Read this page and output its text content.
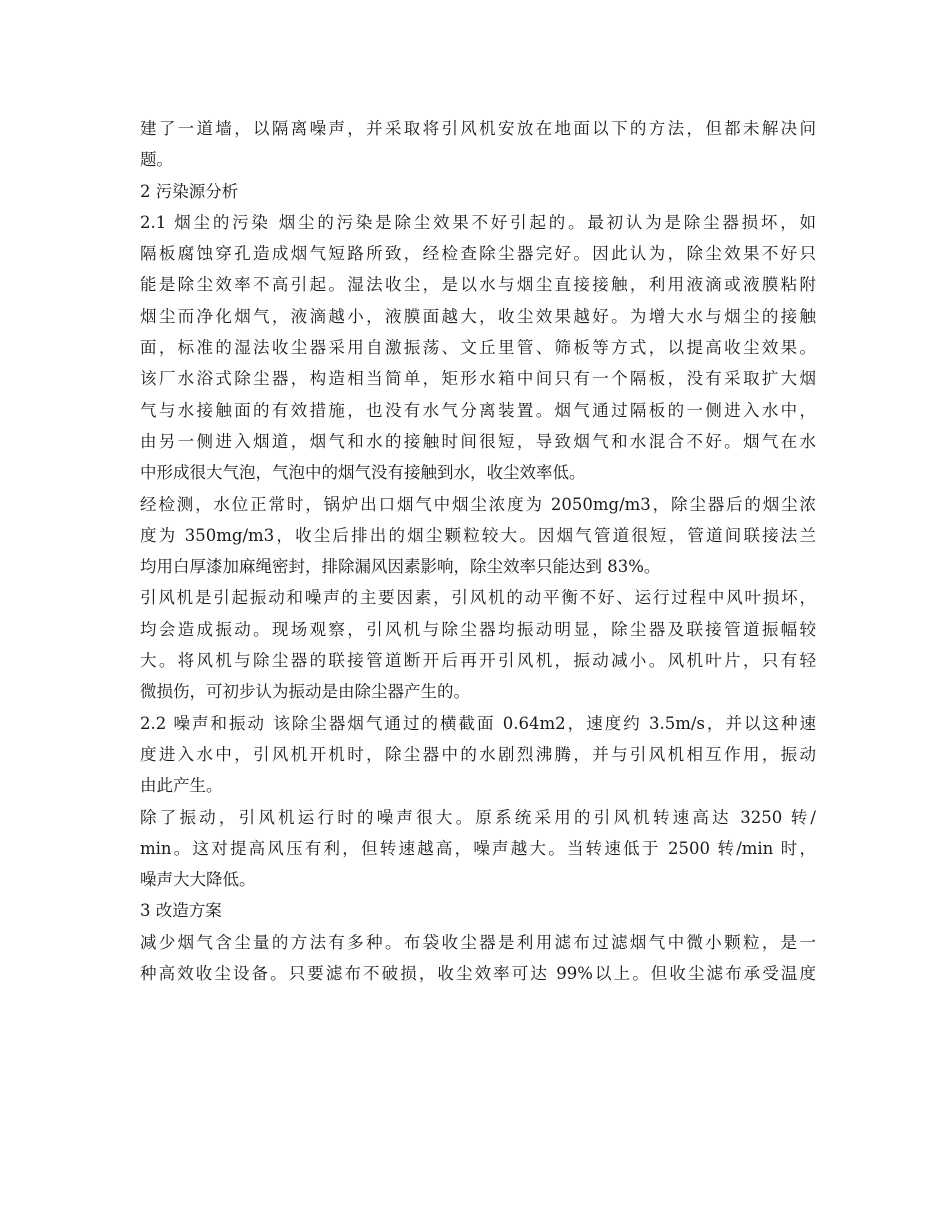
建了一道墙，以隔离噪声，并采取将引风机安放在地面以下的方法，但都未解决问
题。
2 污染源分析
2.1 烟尘的污染 烟尘的污染是除尘效果不好引起的。最初认为是除尘器损坏，如
隔板腐蚀穿孔造成烟气短路所致，经检查除尘器完好。因此认为，除尘效果不好只
能是除尘效率不高引起。湿法收尘，是以水与烟尘直接接触，利用液滴或液膜粘附
烟尘而净化烟气，液滴越小，液膜面越大，收尘效果越好。为增大水与烟尘的接触
面，标准的湿法收尘器采用自激振荡、文丘里管、筛板等方式，以提高收尘效果。
该厂水浴式除尘器，构造相当简单，矩形水箱中间只有一个隔板，没有采取扩大烟
气与水接触面的有效措施，也没有水气分离装置。烟气通过隔板的一侧进入水中，
由另一侧进入烟道，烟气和水的接触时间很短，导致烟气和水混合不好。烟气在水
中形成很大气泡，气泡中的烟气没有接触到水，收尘效率低。
经检测，水位正常时，锅炉出口烟气中烟尘浓度为 2050mg/m3，除尘器后的烟尘浓
度为 350mg/m3，收尘后排出的烟尘颗粒较大。因烟气管道很短，管道间联接法兰
均用白厚漆加麻绳密封，排除漏风因素影响，除尘效率只能达到 83%。
引风机是引起振动和噪声的主要因素，引风机的动平衡不好、运行过程中风叶损坏，
均会造成振动。现场观察，引风机与除尘器均振动明显，除尘器及联接管道振幅较
大。将风机与除尘器的联接管道断开后再开引风机，振动减小。风机叶片，只有轻
微损伤，可初步认为振动是由除尘器产生的。
2.2 噪声和振动 该除尘器烟气通过的横截面 0.64m2，速度约 3.5m/s，并以这种速
度进入水中，引风机开机时，除尘器中的水剧烈沸腾，并与引风机相互作用，振动
由此产生。
除了振动，引风机运行时的噪声很大。原系统采用的引风机转速高达 3250 转/
min。这对提高风压有利，但转速越高，噪声越大。当转速低于 2500 转/min 时，
噪声大大降低。
3 改造方案
减少烟气含尘量的方法有多种。布袋收尘器是利用滤布过滤烟气中微小颗粒，是一
种高效收尘设备。只要滤布不破损，收尘效率可达 99%以上。但收尘滤布承受温度
